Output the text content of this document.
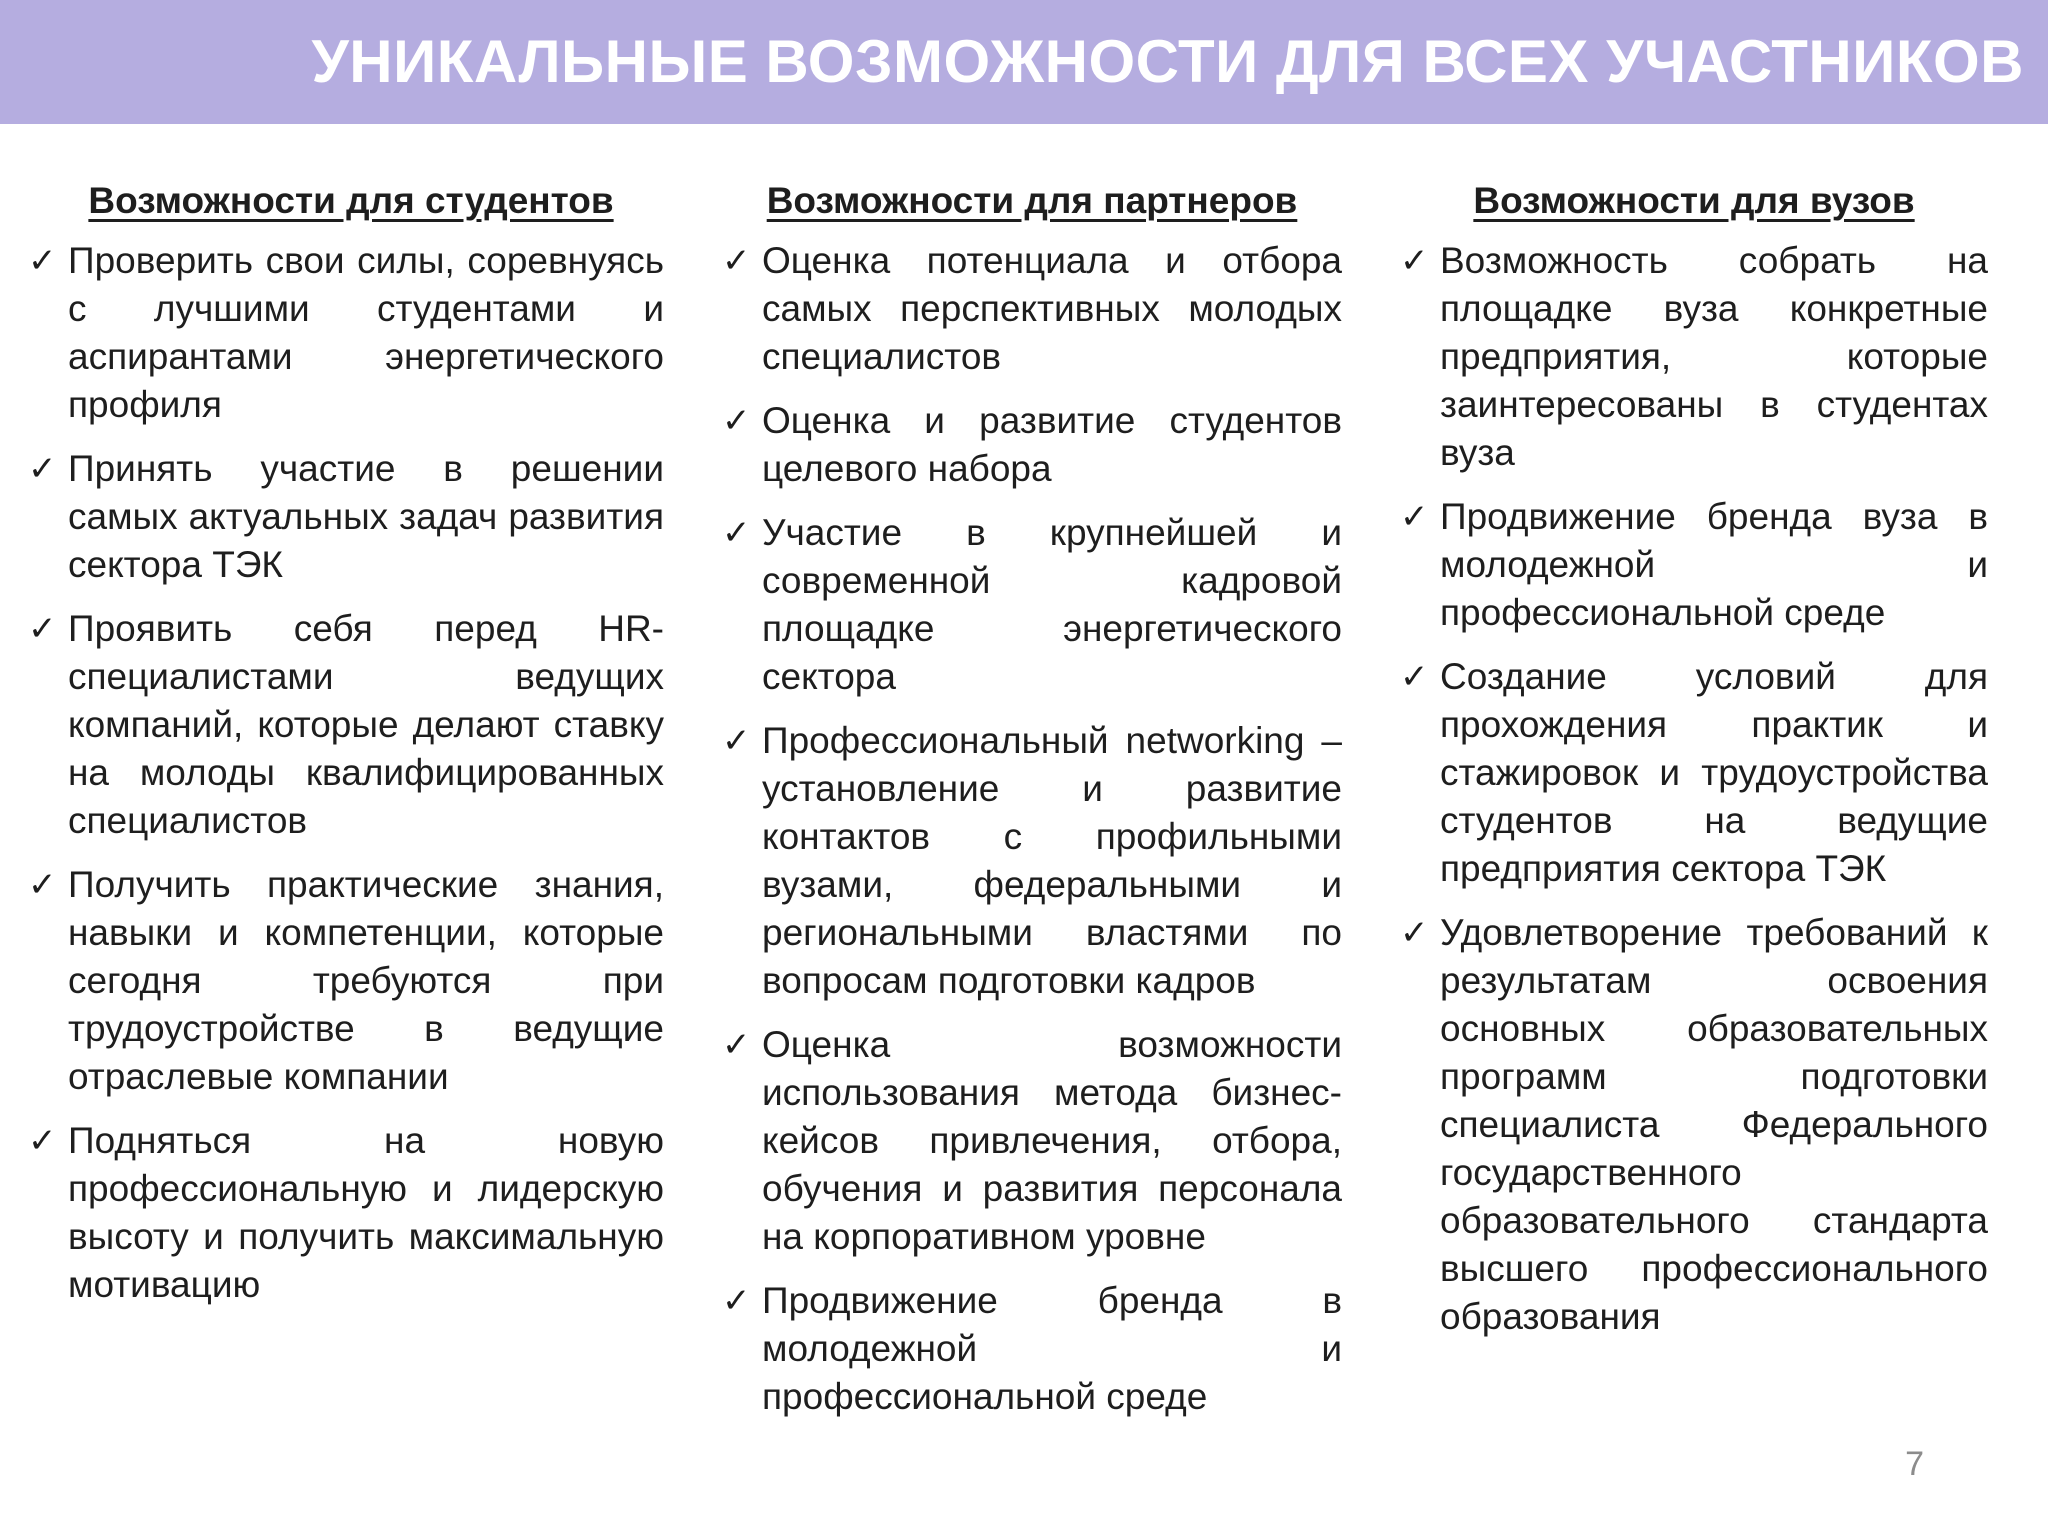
УНИКАЛЬНЫЕ ВОЗМОЖНОСТИ ДЛЯ ВСЕХ УЧАСТНИКОВ
Возможности для студентов
✓ Проверить свои силы, соревнуясь с лучшими студентами и аспирантами энергетического профиля
✓ Принять участие в решении самых актуальных задач развития сектора ТЭК
✓ Проявить себя перед HR-специалистами ведущих компаний, которые делают ставку на молоды квалифицированных специалистов
✓ Получить практические знания, навыки и компетенции, которые сегодня требуются при трудоустройстве в ведущие отраслевые компании
✓ Подняться на новую профессиональную и лидерскую высоту и получить максимальную мотивацию
Возможности для партнеров
✓ Оценка потенциала и отбора самых перспективных молодых специалистов
✓ Оценка и развитие студентов целевого набора
✓ Участие в крупнейшей и современной кадровой площадке энергетического сектора
✓ Профессиональный networking – установление и развитие контактов с профильными вузами, федеральными и региональными властями по вопросам подготовки кадров
✓ Оценка возможности использования метода бизнес-кейсов привлечения, отбора, обучения и развития персонала на корпоративном уровне
✓ Продвижение бренда в молодежной и профессиональной среде
Возможности для вузов
✓ Возможность собрать на площадке вуза конкретные предприятия, которые заинтересованы в студентах вуза
✓ Продвижение бренда вуза в молодежной и профессиональной среде
✓ Создание условий для прохождения практик и стажировок и трудоустройства студентов на ведущие предприятия сектора ТЭК
✓ Удовлетворение требований к результатам освоения основных образовательных программ подготовки специалиста Федерального государственного образовательного стандарта высшего профессионального образования
7
